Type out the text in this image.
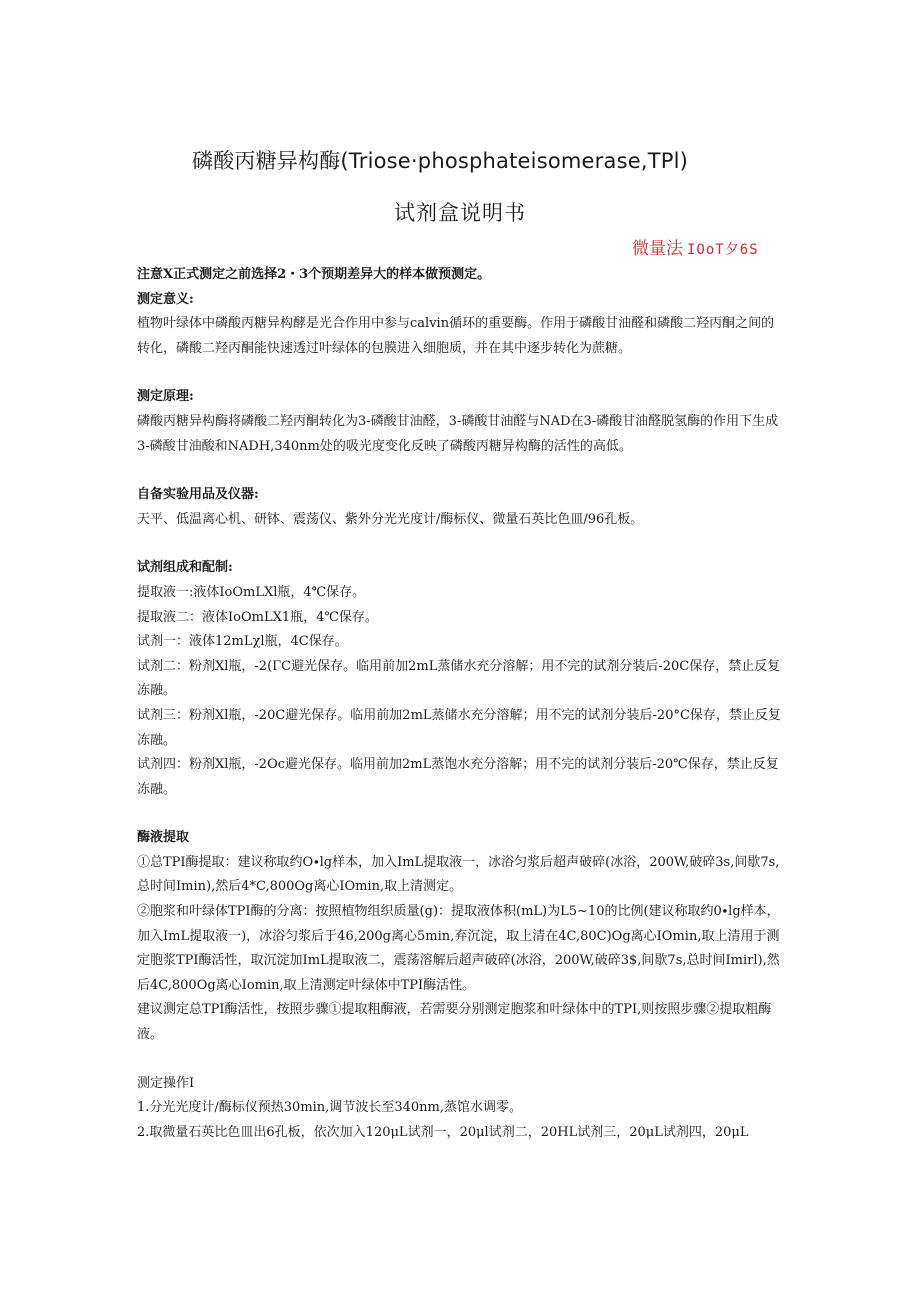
磷酸丙糖异构酶(Triose·phosphateisomerase,TPl)
试剂盒说明书
微量法 IOoT夕6S

注意X正式测定之前选择2・3个预期差异大的样本做预测定。

测定意义:

植物叶绿体中磷酸丙糖异构酵是光合作用中参与calvin循环的重要酶。作用于磷酸甘油醛和磷酸二羟丙酮之间的转化，磷酸二羟丙酮能快速透过叶绿体的包膜进入细胞质，并在其中逐步转化为蔗糖。

测定原理:

磷酸丙糖异构酶将磷酸二羟丙酮转化为3-磷酸甘油醛，3-磷酸甘油醛与NAD在3-磷酸甘油醛脱氢酶的作用下生成3-磷酸甘油酸和NADH,340nm处的吸光度变化反映了磷酸丙糖异构酶的活性的高低。

自备实验用品及仪器:

天平、低温离心机、研钵、震荡仪、紫外分光光度计/酶标仪、微量石英比色皿/96孔板。

试剂组成和配制:

提取液一:液体IoOmLXl瓶，4℃保存。

提取液二：液体IoOmLX1瓶，4℃保存。

试剂一：液体12mLχl瓶，4C保存。

试剂二：粉剂Xl瓶，-2(ΓC避光保存。临用前加2mL蒸储水充分溶解；用不完的试剂分装后-20C保存，禁止反复冻融。

试剂三：粉剂Xl瓶，-20C避光保存。临用前加2mL蒸储水充分溶解；用不完的试剂分装后-20°C保存，禁止反复冻融。

试剂四：粉剂Xl瓶，-2Oc避光保存。临用前加2mL蒸饱水充分溶解；用不完的试剂分装后-20℃保存，禁止反复冻融。

酶液提取

①总TPI酶提取：建议称取约O∙lg样本，加入ImL提取液一，冰浴匀浆后超声破碎(冰浴，200W,破碎3s,间歇7s,总时间Imin),然后4*C,800Og离心IOmin,取上清测定。

②胞浆和叶绿体TPI酶的分离：按照植物组织质量(g)：提取液体积(mL)为L5~10的比例(建议称取约0∙lg样本，加入ImL提取液一)，冰浴匀浆后于46,200g离心5min,弃沉淀，取上清在4C,80C)Og离心IOmin,取上清用于测定胞浆TPI酶活性，取沉淀加ImL提取液二，震荡溶解后超声破碎(冰浴，200W,破碎3$,间歇7s,总时间Imirl),然后4C,800Og离心Iomin,取上清测定叶绿体中TPI酶活性。

建议测定总TPI酶活性，按照步骤①提取粗酶液，若需要分别测定胞浆和叶绿体中的TPI,则按照步骤②提取粗酶液。

测定操作I

1.分光光度计/酶标仪预热30min,调节波长至340nm,蒸馆水调零。

2.取微量石英比色皿出6孔板，依次加入120μL试剂一，20μl试剂二，20HL试剂三，20μL试剂四，20μL
